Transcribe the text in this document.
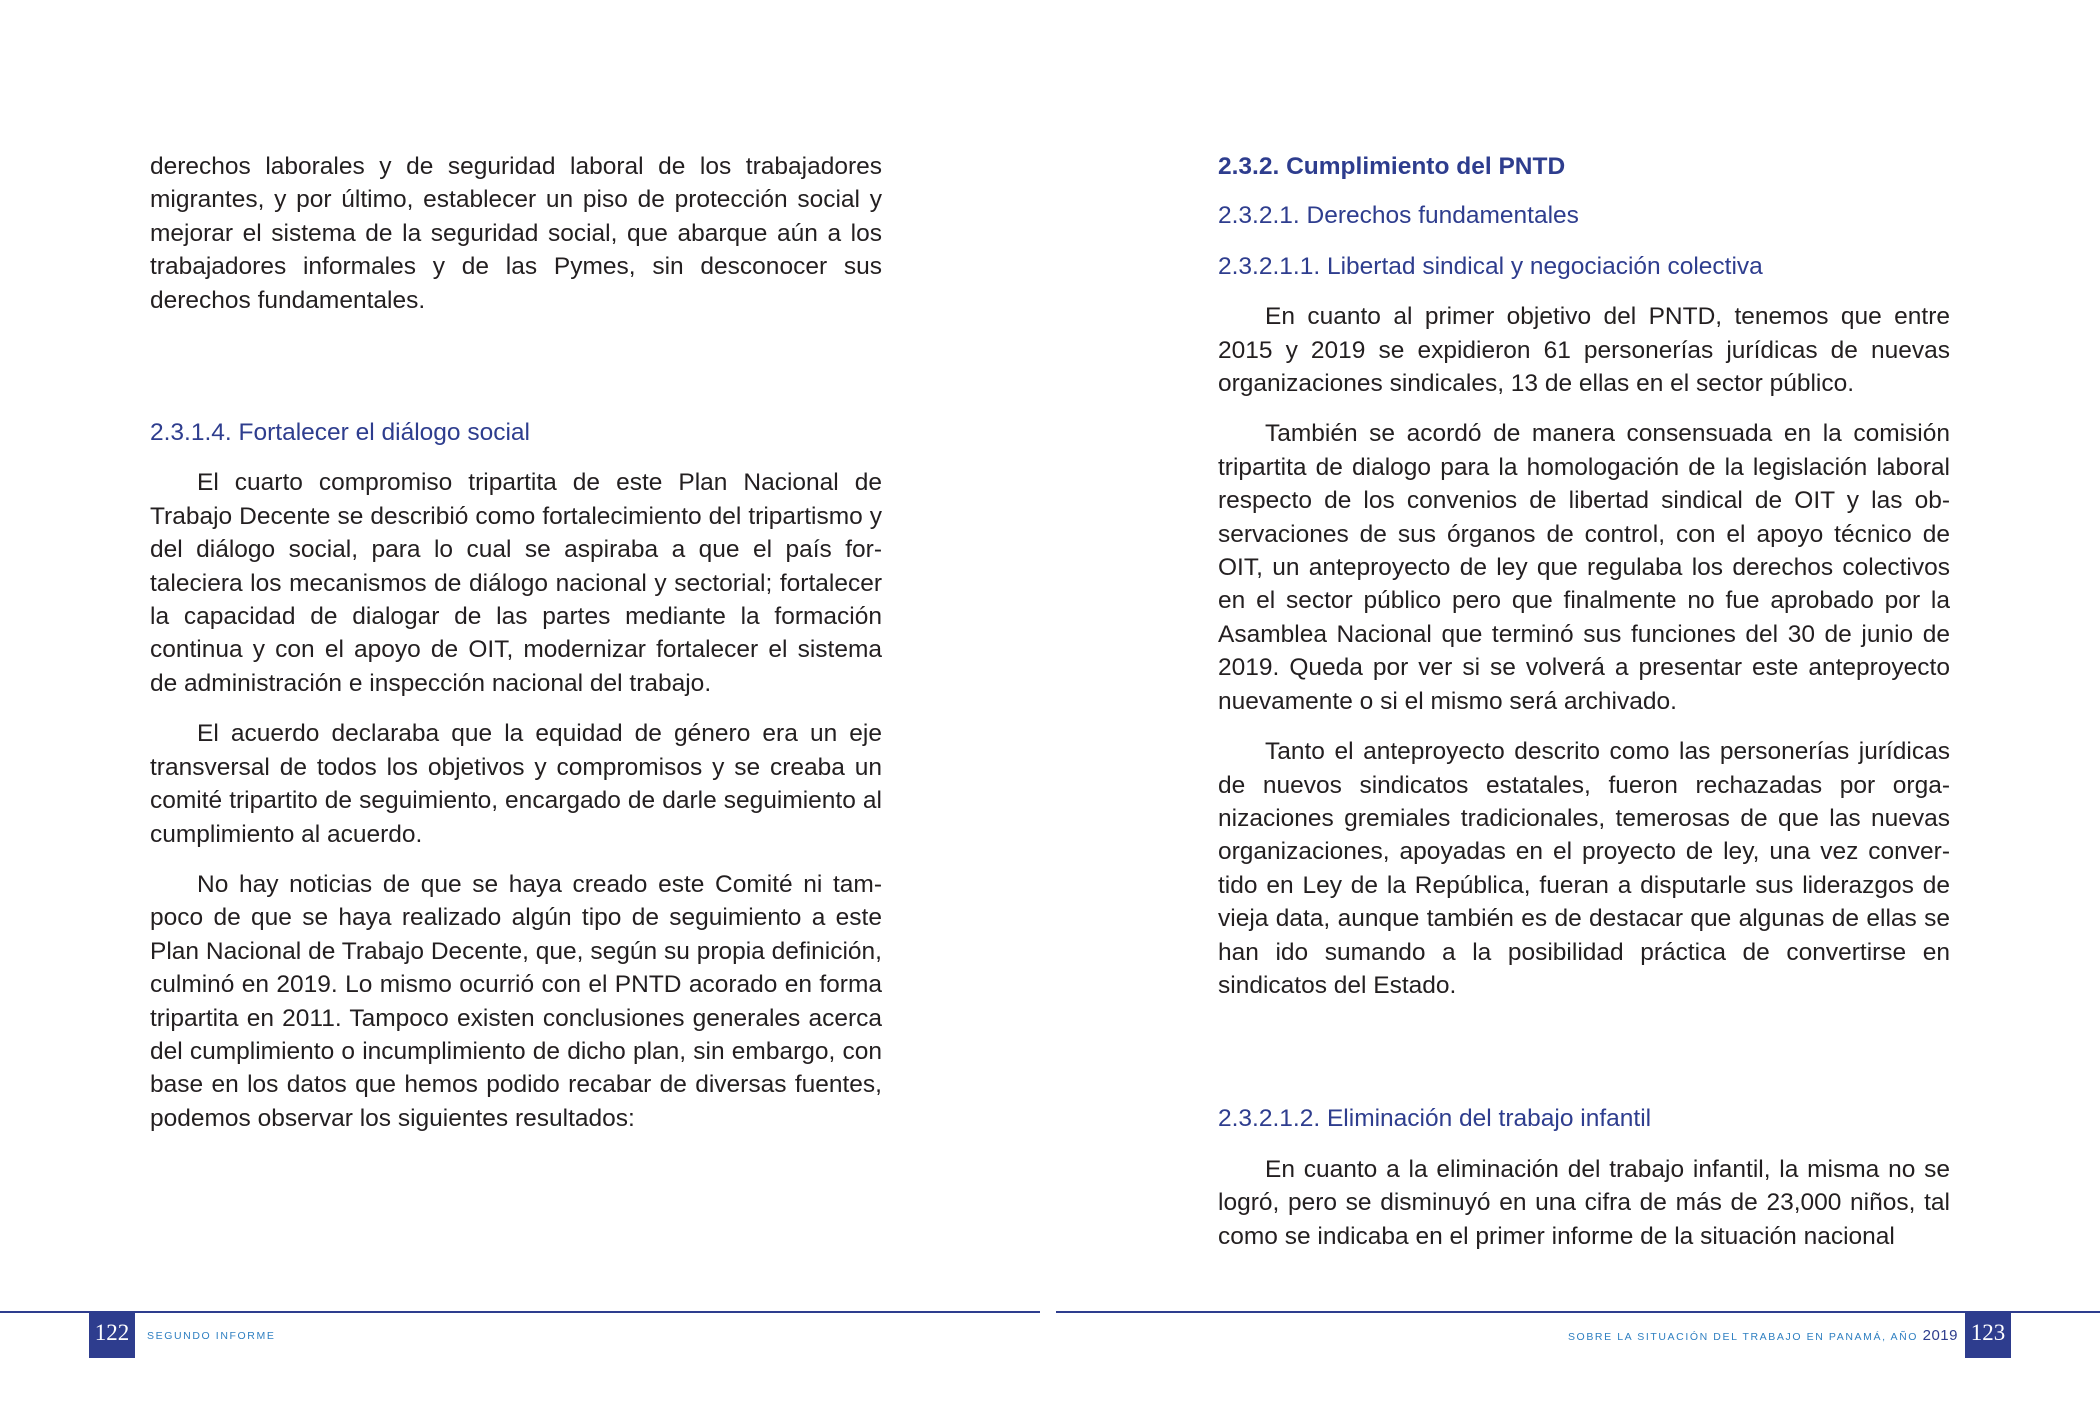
derechos laborales y de seguridad laboral de los trabajadores migrantes, y por último, establecer un piso de protección social y mejorar el sistema de la seguridad social, que abarque aún a los trabajadores informales y de las Pymes, sin desconocer sus derechos fundamentales.

2.3.1.4. Fortalecer el diálogo social

El cuarto compromiso tripartita de este Plan Nacional de Trabajo Decente se describió como fortalecimiento del tripartismo y del diálogo social, para lo cual se aspiraba a que el país fortaleciera los mecanismos de diálogo nacional y sectorial; fortalecer la capacidad de dialogar de las partes mediante la formación continua y con el apoyo de OIT, modernizar fortalecer el sistema de administración e inspección nacional del trabajo.

El acuerdo declaraba que la equidad de género era un eje transversal de todos los objetivos y compromisos y se creaba un comité tripartito de seguimiento, encargado de darle seguimiento al cumplimiento al acuerdo.

No hay noticias de que se haya creado este Comité ni tampoco de que se haya realizado algún tipo de seguimiento a este Plan Nacional de Trabajo Decente, que, según su propia definición, culminó en 2019. Lo mismo ocurrió con el PNTD acorado en forma tripartita en 2011. Tampoco existen conclusiones generales acerca del cumplimiento o incumplimiento de dicho plan, sin embargo, con base en los datos que hemos podido recabar de diversas fuentes, podemos observar los siguientes resultados:

122	SEGUNDO INFORME
2.3.2. Cumplimiento del PNTD
2.3.2.1. Derechos fundamentales
2.3.2.1.1. Libertad sindical y negociación colectiva

En cuanto al primer objetivo del PNTD, tenemos que entre 2015 y 2019 se expidieron 61 personerías jurídicas de nuevas organizaciones sindicales, 13 de ellas en el sector público.

También se acordó de manera consensuada en la comisión tripartita de dialogo para la homologación de la legislación laboral respecto de los convenios de libertad sindical de OIT y las observaciones de sus órganos de control, con el apoyo técnico de OIT, un anteproyecto de ley que regulaba los derechos colectivos en el sector público pero que finalmente no fue aprobado por la Asamblea Nacional que terminó sus funciones del 30 de junio de 2019. Queda por ver si se volverá a presentar este anteproyecto nuevamente o si el mismo será archivado.

Tanto el anteproyecto descrito como las personerías jurídicas de nuevos sindicatos estatales, fueron rechazadas por organizaciones gremiales tradicionales, temerosas de que las nuevas organizaciones, apoyadas en el proyecto de ley, una vez convertido en Ley de la República, fueran a disputarle sus liderazgos de vieja data, aunque también es de destacar que algunas de ellas se han ido sumando a la posibilidad práctica de convertirse en sindicatos del Estado.

2.3.2.1.2. Eliminación del trabajo infantil

En cuanto a la eliminación del trabajo infantil, la misma no se logró, pero se disminuyó en una cifra de más de 23,000 niños, tal como se indicaba en el primer informe de la situación nacional

SOBRE LA SITUACIÓN DEL TRABAJO EN PANAMÁ, AÑO 2019 123
